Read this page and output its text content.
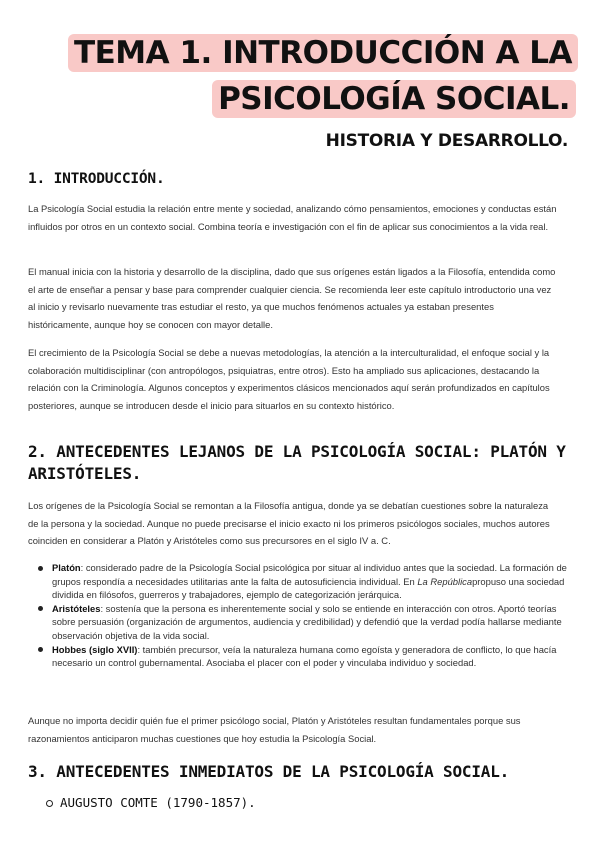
TEMA 1. INTRODUCCIÓN A LA
PSICOLOGÍA SOCIAL.
HISTORIA Y DESARROLLO.
1. INTRODUCCIÓN.
La Psicología Social estudia la relación entre mente y sociedad, analizando cómo pensamientos, emociones y conductas están influidos por otros en un contexto social. Combina teoría e investigación con el fin de aplicar sus conocimientos a la vida real.
El manual inicia con la historia y desarrollo de la disciplina, dado que sus orígenes están ligados a la Filosofía, entendida como el arte de enseñar a pensar y base para comprender cualquier ciencia. Se recomienda leer este capítulo introductorio una vez al inicio y revisarlo nuevamente tras estudiar el resto, ya que muchos fenómenos actuales ya estaban presentes históricamente, aunque hoy se conocen con mayor detalle.
El crecimiento de la Psicología Social se debe a nuevas metodologías, la atención a la interculturalidad, el enfoque social y la colaboración multidisciplinar (con antropólogos, psiquiatras, entre otros). Esto ha ampliado sus aplicaciones, destacando la relación con la Criminología. Algunos conceptos y experimentos clásicos mencionados aquí serán profundizados en capítulos posteriores, aunque se introducen desde el inicio para situarlos en su contexto histórico.
2. ANTECEDENTES LEJANOS DE LA PSICOLOGÍA SOCIAL: PLATÓN Y ARISTÓTELES.
Los orígenes de la Psicología Social se remontan a la Filosofía antigua, donde ya se debatían cuestiones sobre la naturaleza de la persona y la sociedad. Aunque no puede precisarse el inicio exacto ni los primeros psicólogos sociales, muchos autores coinciden en considerar a Platón y Aristóteles como sus precursores en el siglo IV a. C.
Platón: considerado padre de la Psicología Social psicológica por situar al individuo antes que la sociedad. La formación de grupos respondía a necesidades utilitarias ante la falta de autosuficiencia individual. En La Repúblicapropuso una sociedad dividida en filósofos, guerreros y trabajadores, ejemplo de categorización jerárquica.
Aristóteles: sostenía que la persona es inherentemente social y solo se entiende en interacción con otros. Aportó teorías sobre persuasión (organización de argumentos, audiencia y credibilidad) y defendió que la verdad podía hallarse mediante observación objetiva de la vida social.
Hobbes (siglo XVII): también precursor, veía la naturaleza humana como egoísta y generadora de conflicto, lo que hacía necesario un control gubernamental. Asociaba el placer con el poder y vinculaba individuo y sociedad.
Aunque no importa decidir quién fue el primer psicólogo social, Platón y Aristóteles resultan fundamentales porque sus razonamientos anticiparon muchas cuestiones que hoy estudia la Psicología Social.
3. ANTECEDENTES INMEDIATOS DE LA PSICOLOGÍA SOCIAL.
AUGUSTO COMTE (1790-1857).
